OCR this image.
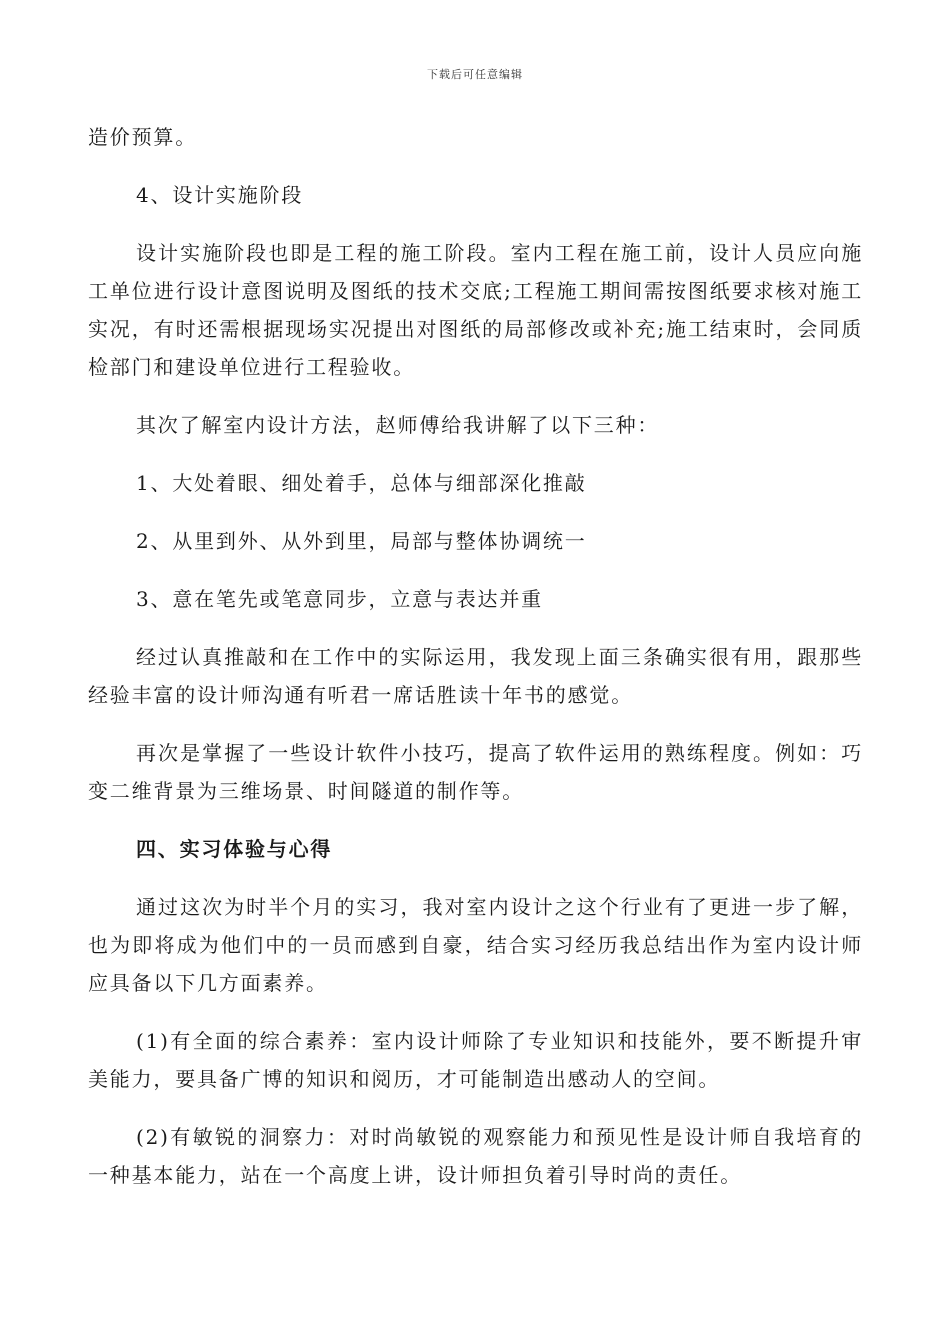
下载后可任意编辑

造价预算。

4、设计实施阶段

设计实施阶段也即是工程的施工阶段。室内工程在施工前，设计人员应向施工单位进行设计意图说明及图纸的技术交底;工程施工期间需按图纸要求核对施工实况，有时还需根据现场实况提出对图纸的局部修改或补充;施工结束时，会同质检部门和建设单位进行工程验收。

其次了解室内设计方法，赵师傅给我讲解了以下三种：

1、大处着眼、细处着手，总体与细部深化推敲

2、从里到外、从外到里，局部与整体协调统一

3、意在笔先或笔意同步，立意与表达并重

经过认真推敲和在工作中的实际运用，我发现上面三条确实很有用，跟那些经验丰富的设计师沟通有听君一席话胜读十年书的感觉。

再次是掌握了一些设计软件小技巧，提高了软件运用的熟练程度。例如：巧变二维背景为三维场景、时间隧道的制作等。

四、实习体验与心得

通过这次为时半个月的实习，我对室内设计之这个行业有了更进一步了解，也为即将成为他们中的一员而感到自豪，结合实习经历我总结出作为室内设计师应具备以下几方面素养。

(1)有全面的综合素养：室内设计师除了专业知识和技能外，要不断提升审美能力，要具备广博的知识和阅历，才可能制造出感动人的空间。

(2)有敏锐的洞察力：对时尚敏锐的观察能力和预见性是设计师自我培育的一种基本能力，站在一个高度上讲，设计师担负着引导时尚的责任。
